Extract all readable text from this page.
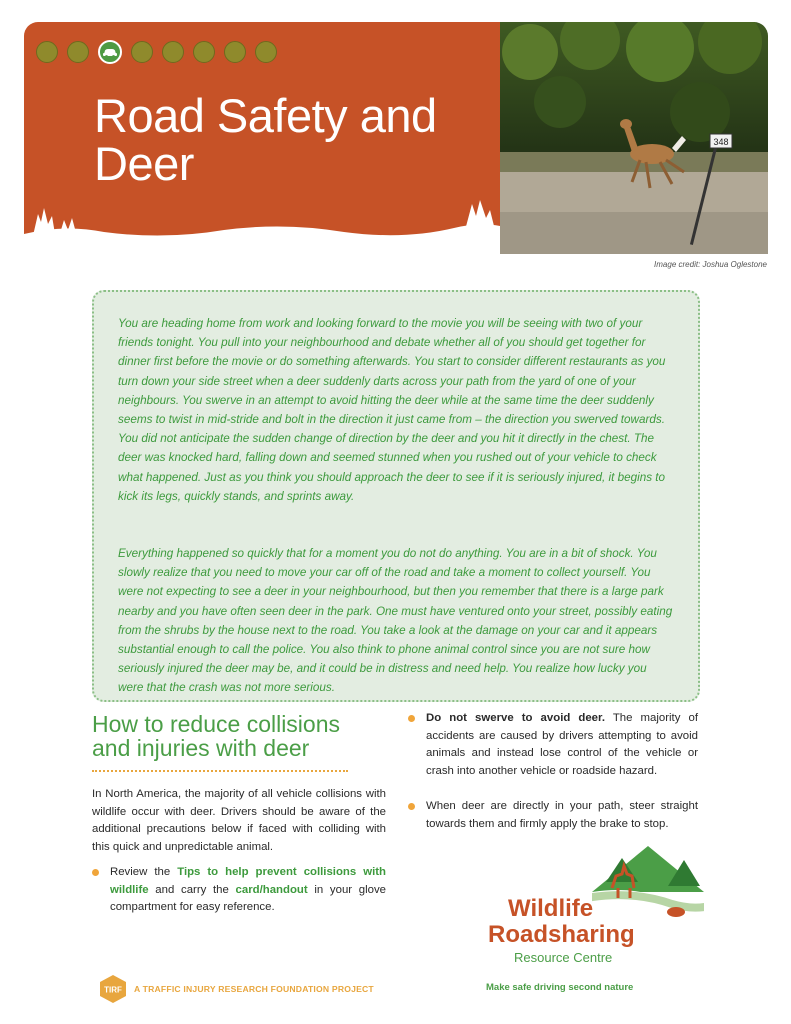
Road Safety and
Deer	348
Image credit: Joshua Oglestone

You are heading home from work and looking forward to the movie you will be seeing with two of your friends tonight. You pull into your neighbourhood and debate whether all of you should get together for dinner first before the movie or do something afterwards. You start to consider different restaurants as you turn down your side street when a deer suddenly darts across your path from the yard of one of your neighbours. You swerve in an attempt to avoid hitting the deer while at the same time the deer suddenly seems to twist in mid-stride and bolt in the direction it just came from – the direction you swerved towards. You did not anticipate the sudden change of direction by the deer and you hit it directly in the chest. The deer was knocked hard, falling down and seemed stunned when you rushed out of your vehicle to check what happened. Just as you think you should approach the deer to see if it is seriously injured, it begins to kick its legs, quickly stands, and sprints away.

Everything happened so quickly that for a moment you do not do anything. You are in a bit of shock. You slowly realize that you need to move your car off of the road and take a moment to collect yourself. You were not expecting to see a deer in your neighbourhood, but then you remember that there is a large park nearby and you have often seen deer in the park. One must have ventured onto your street, possibly eating from the shrubs by the house next to the road. You take a look at the damage on your car and it appears substantial enough to call the police. You also think to phone animal control since you are not sure how seriously injured the deer may be, and it could be in distress and need help. You realize how lucky you were that the crash was not more serious.

How to reduce collisions
and injuries with deer

In North America, the majority of all vehicle collisions with wildlife occur with deer. Drivers should be aware of the additional precautions below if faced with colliding with this quick and unpredictable animal.

Review the Tips to help prevent collisions with wildlife and carry the card/handout in your glove compartment for easy reference.
Do not swerve to avoid deer. The majority of accidents are caused by drivers attempting to avoid animals and instead lose control of the vehicle or crash into another vehicle or roadside hazard.
When deer are directly in your path, steer straight towards them and firmly apply the brake to stop.
Wildlife
Roadsharing
Resource Centre
Make safe driving second nature
TIRF A TRAFFIC INJURY RESEARCH FOUNDATION PROJECT
